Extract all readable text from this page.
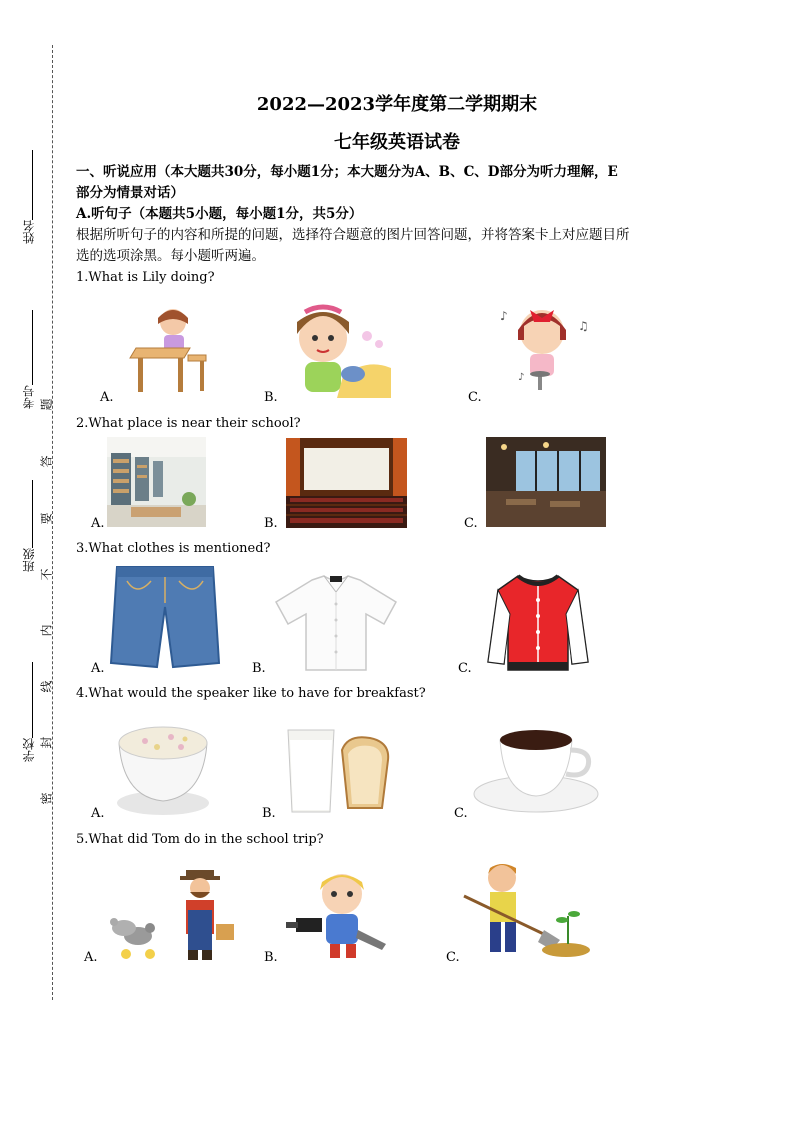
姓名
考号
班级
学校
题
答
要
不
内
线
封
密
2022—2023学年度第二学期期末
七年级英语试卷
一、听说应用（本大题共30分，每小题1分；本大题分为A、B、C、D部分为听力理解，E
部分为情景对话）
A.听句子（本题共5小题，每小题1分，共5分）
根据所听句子的内容和所提的问题，选择符合题意的图片回答问题，并将答案卡上对应题目所
选的选项涂黑。每小题听两遍。
1.What is Lily doing?
A.	B.
♪
♫
♪
C.
2.What place is near their school?
A.	B.	C.
3.What clothes is mentioned?
A.	B.	C.
4.What would the speaker like to have for breakfast?
A.	B.	C.
5.What did Tom do in the school trip?
A.	B.	C.
